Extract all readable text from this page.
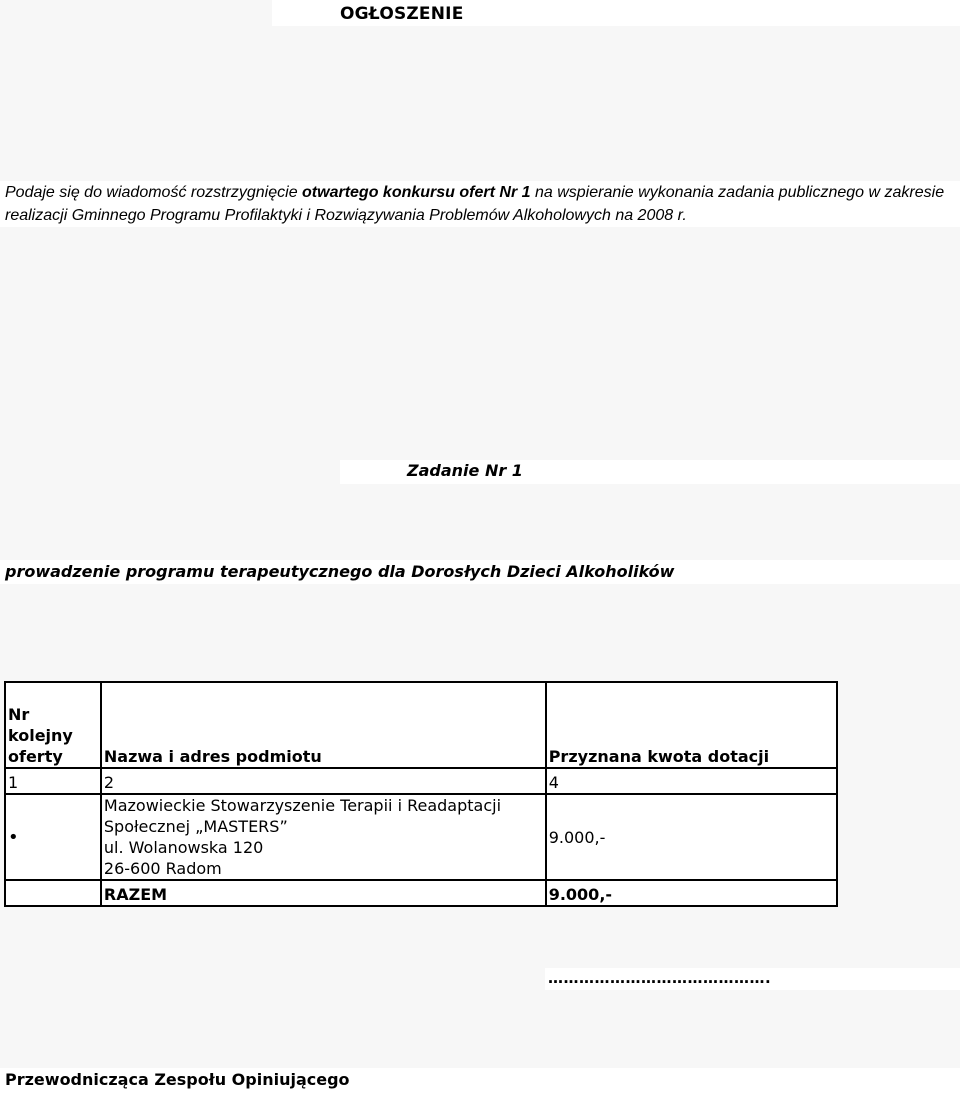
OGŁOSZENIE
Podaje się do wiadomość rozstrzygnięcie otwartego konkursu ofert Nr 1 na wspieranie wykonania zadania publicznego w zakresie realizacji Gminnego Programu Profilaktyki i Rozwiązywania Problemów Alkoholowych na 2008 r.
Zadanie Nr 1
prowadzenie programu terapeutycznego dla Dorosłych Dzieci Alkoholików
Nr kolejny oferty	Nazwa i adres podmiotu	Przyznana kwota dotacji
1	2	4
•	Mazowieckie Stowarzyszenie Terapii i Readaptacji
Społecznej „MASTERS”
ul. Wolanowska 120
26-600 Radom	9.000,-
	RAZEM	9.000,-
…………………………………….
Przewodnicząca Zespołu Opiniującego
